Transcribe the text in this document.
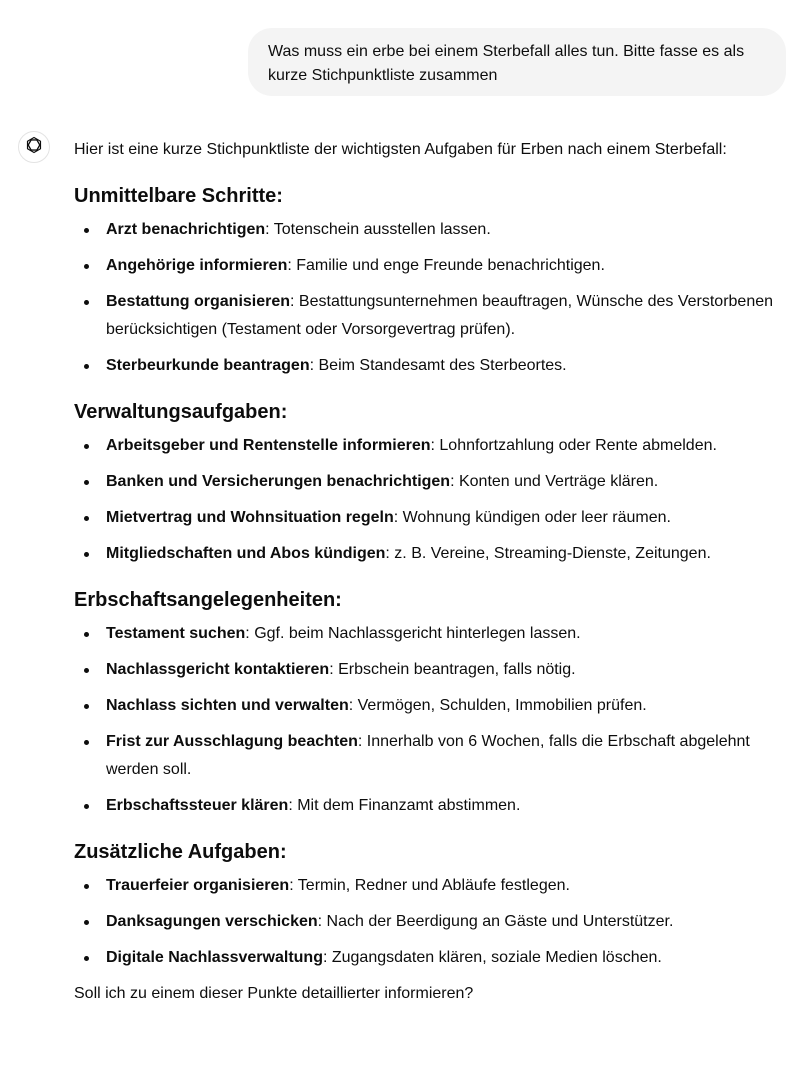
Was muss ein erbe bei einem Sterbefall alles tun. Bitte fasse es als kurze Stichpunktliste zusammen

Hier ist eine kurze Stichpunktliste der wichtigsten Aufgaben für Erben nach einem Sterbefall:

Unmittelbare Schritte:
Arzt benachrichtigen: Totenschein ausstellen lassen.
Angehörige informieren: Familie und enge Freunde benachrichtigen.
Bestattung organisieren: Bestattungsunternehmen beauftragen, Wünsche des Verstorbenen berücksichtigen (Testament oder Vorsorgevertrag prüfen).
Sterbeurkunde beantragen: Beim Standesamt des Sterbeortes.
Verwaltungsaufgaben:
Arbeitsgeber und Rentenstelle informieren: Lohnfortzahlung oder Rente abmelden.
Banken und Versicherungen benachrichtigen: Konten und Verträge klären.
Mietvertrag und Wohnsituation regeln: Wohnung kündigen oder leer räumen.
Mitgliedschaften und Abos kündigen: z. B. Vereine, Streaming-Dienste, Zeitungen.
Erbschaftsangelegenheiten:
Testament suchen: Ggf. beim Nachlassgericht hinterlegen lassen.
Nachlassgericht kontaktieren: Erbschein beantragen, falls nötig.
Nachlass sichten und verwalten: Vermögen, Schulden, Immobilien prüfen.
Frist zur Ausschlagung beachten: Innerhalb von 6 Wochen, falls die Erbschaft abgelehnt werden soll.
Erbschaftssteuer klären: Mit dem Finanzamt abstimmen.
Zusätzliche Aufgaben:
Trauerfeier organisieren: Termin, Redner und Abläufe festlegen.
Danksagungen verschicken: Nach der Beerdigung an Gäste und Unterstützer.
Digitale Nachlassverwaltung: Zugangsdaten klären, soziale Medien löschen.

Soll ich zu einem dieser Punkte detaillierter informieren?
